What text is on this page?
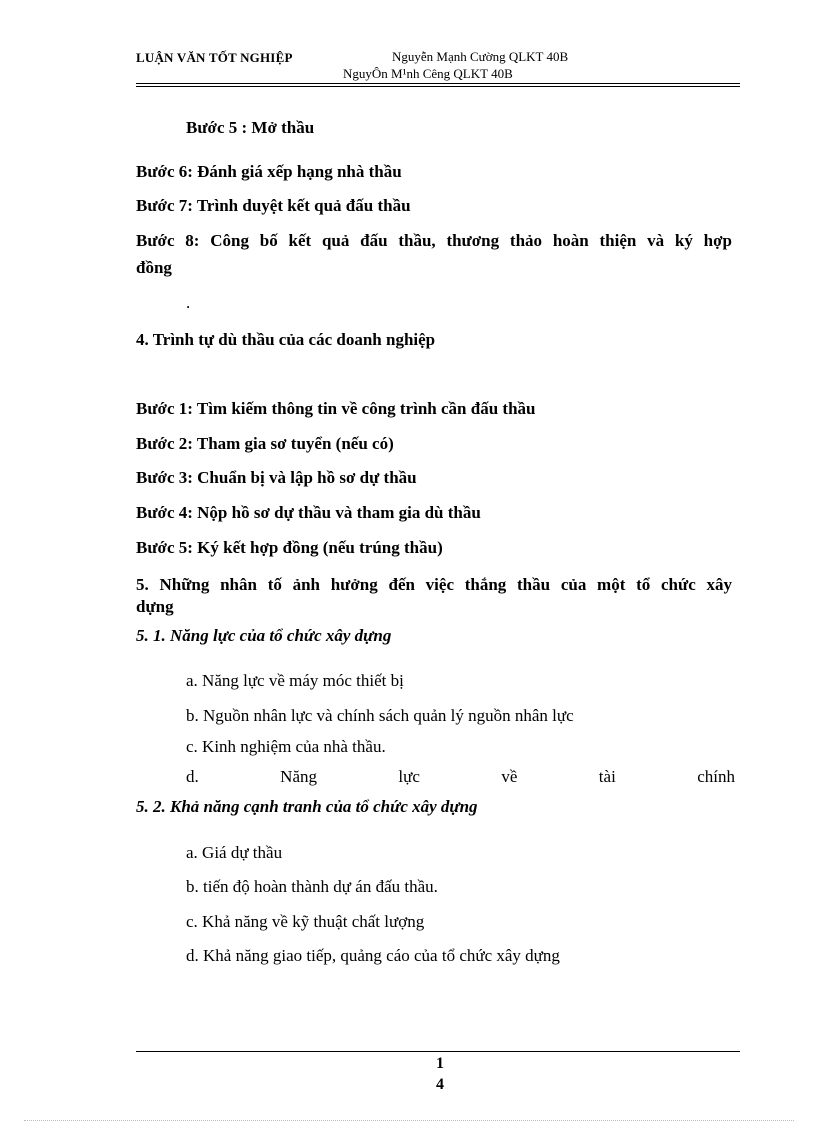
LUẬN VĂN TỐT NGHIỆP	Nguyễn Mạnh Cường QLKT 40B
NguyÔn M¹nh Cêng QLKT 40B
Bước 5 : Mở thầu
Bước 6: Đánh giá xếp hạng nhà thầu
Bước 7: Trình duyệt kết quả đấu thầu
Bước 8: Công bố kết quả đấu thầu, thương thảo hoàn thiện và ký hợp
đồng
.
4. Trình tự dù thầu của các doanh nghiệp
Bước 1: Tìm kiếm thông tin về công trình cần đấu thầu
Bước 2: Tham gia sơ tuyển (nếu có)
Bước 3: Chuẩn bị và lập hồ sơ dự thầu
Bước 4: Nộp hồ sơ dự thầu và tham gia dù thầu
Bước 5: Ký kết hợp đồng (nếu trúng thầu)
5. Những nhân tố ảnh hưởng đến việc thắng thầu của một tổ chức xây
dựng
5. 1. Năng lực của tổ chức xây dựng
a. Năng lực về máy móc thiết bị
b. Nguồn nhân lực và chính sách quản lý nguồn nhân lực
c. Kinh nghiệm của nhà thầu.
d.	Năng	lực	về	tài	chính
5. 2. Khả năng cạnh tranh của tổ chức xây dựng
a. Giá dự thầu
b. tiến độ hoàn thành dự án đấu thầu.
c. Khả năng về kỹ thuật chất lượng
d. Khả năng giao tiếp, quảng cáo của tổ chức xây dựng
1
4
